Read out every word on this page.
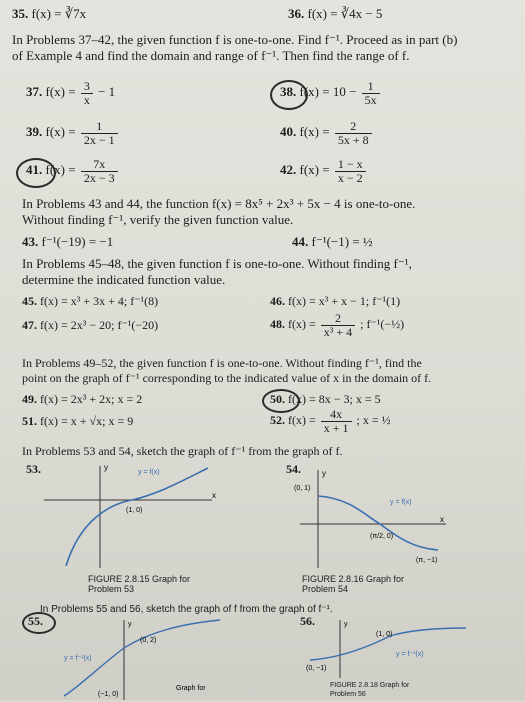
35. f(x) = ∛7x	36. f(x) = ∛4x − 5
In Problems 37–42, the given function f is one-to-one. Find f⁻¹. Proceed as in part (b)
of Example 4 and find the domain and range of f⁻¹. Then find the range of f.
37. $f(x) = \frac{3}{x} - 1$	38. $f(x) = 10 - \frac{1}{5x}$
39. $f(x) = \frac{1}{2x - 1}$	40. $f(x) = \frac{2}{5x + 8}$
41. $f(x) = \frac{7x}{2x - 3}$	42. $f(x) = \frac{1 - x}{x - 2}$
In Problems 43 and 44, the function f(x) = 8x⁵ + 2x³ + 5x − 4 is one-to-one.
Without finding f⁻¹, verify the given function value.
43. f⁻¹(−19) = −1	44. f⁻¹(−1) = ½
In Problems 45–48, the given function f is one-to-one. Without finding f⁻¹,
determine the indicated function value.
45. f(x) = x³ + 3x + 4; f⁻¹(8)	46. f(x) = x³ + x − 1; f⁻¹(1)
47. f(x) = 2x³ − 20; f⁻¹(−20)	48. $f(x) = \frac{2}{\text{x³ + 4}}$ ; f⁻¹(−½)
In Problems 49–52, the given function f is one-to-one. Without finding f⁻¹, find the
point on the graph of f⁻¹ corresponding to the indicated value of x in the domain of f.
49. f(x) = 2x³ + 2x; x = 2	50. f(x) = 8x − 3; x = 5
51. f(x) = x + √x; x = 9	52. $f(x) = \frac{4x}{x + 1}$ ; x = ½
In Problems 53 and 54, sketch the graph of f⁻¹ from the graph of f.
53.	54.
y
x
y = f(x)
(1, 0)
FIGURE 2.8.15 Graph for
Problem 53
y
x
y = f(x)
(0, 1)
(π/2, 0)
(π, −1)
FIGURE 2.8.16 Graph for
Problem 54
In Problems 55 and 56, sketch the graph of f from the graph of f⁻¹.
55.	56.
y
(0, 2)
y = f⁻¹(x)
(−1, 0)
Graph for
y
(1, 0)
(0, −1)
y = f⁻¹(x)
FIGURE 2.8.18 Graph for
Problem 56
